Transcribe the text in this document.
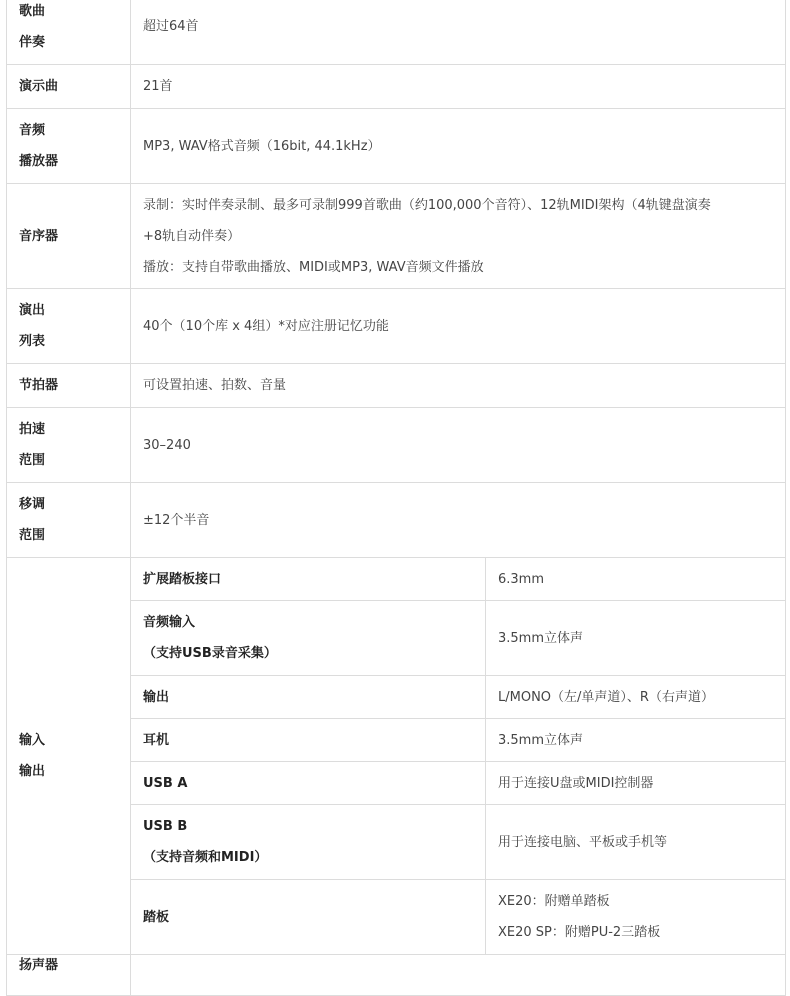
歌曲
伴奏	超过64首	

演示曲	21首	

音频
播放器	MP3, WAV格式音频（16bit, 44.1kHz）	

音序器	录制：实时伴奏录制、最多可录制999首歌曲（约100,000个音符）、12轨MIDI架构（4轨键盘演奏
+8轨自动伴奏）
播放：支持自带歌曲播放、MIDI或MP3, WAV音频文件播放	

演出
列表	40个（10个库 x 4组）*对应注册记忆功能	

节拍器	可设置拍速、拍数、音量	

拍速
范围	30–240	

移调
范围	±12个半音	

输入
输出	扩展踏板接口	6.3mm

	音频输入
（支持USB录音采集）	3.5mm立体声

	输出	L/MONO（左/单声道）、R（右声道）

	耳机	3.5mm立体声

	USB A	用于连接U盘或MIDI控制器

	USB B
（支持音频和MIDI）	用于连接电脑、平板或手机等

	踏板	XE20：附赠单踏板
XE20 SP：附赠PU-2三踏板

扬声器		
